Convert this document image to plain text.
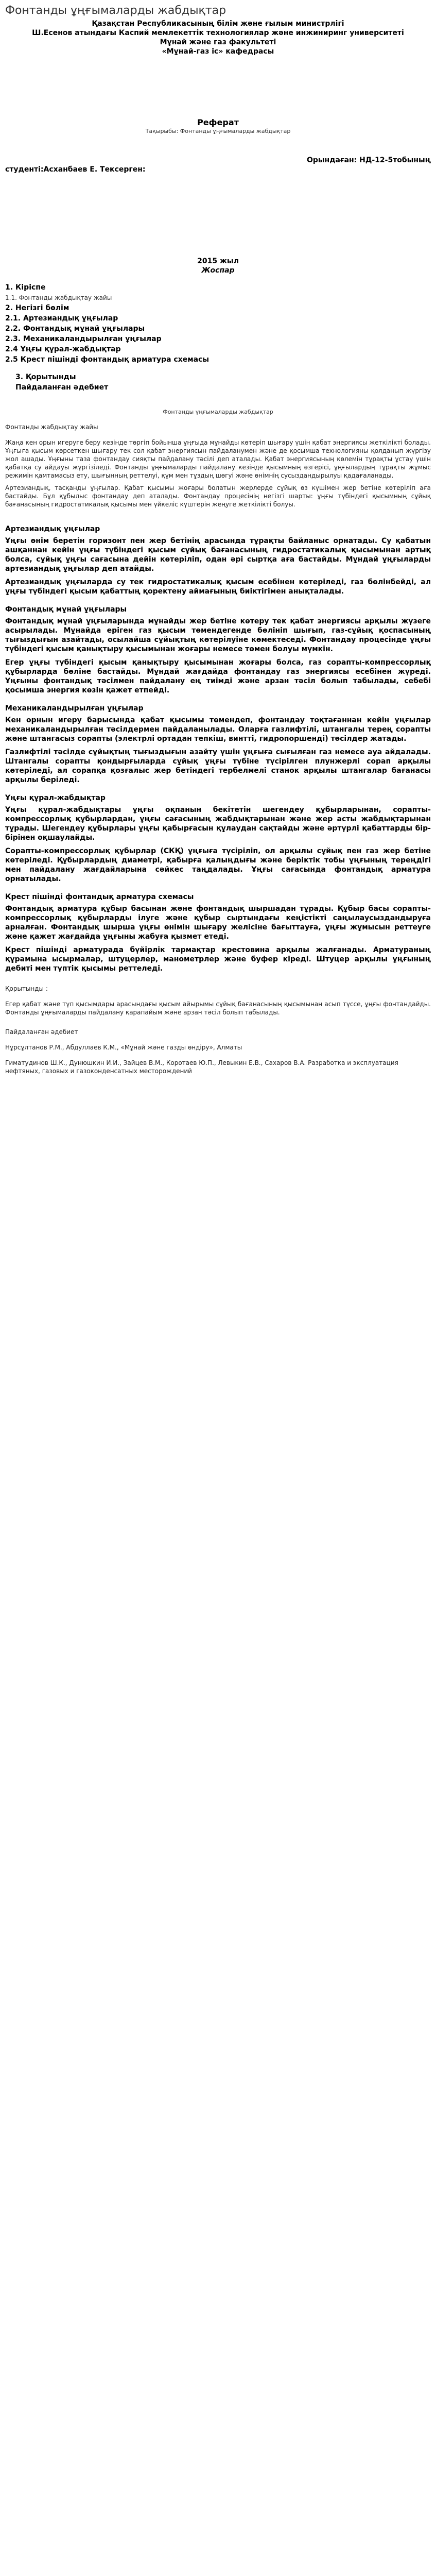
Фонтанды ұңғымаларды жабдықтар
Қазақстан Республикасының білім және ғылым министрлігі
Ш.Есенов атындағы Каспий мемлекеттік технологиялар және инжиниринг университеті
Мұнай және газ факультеті
«Мұнай-газ іс» кафедрасы
Реферат
Тақырыбы: Фонтанды ұңғымаларды жабдықтар
Орындаған: НД-12-5тобының
студенті:Асханбаев Е. Тексерген:
2015 жыл
Жоспар
1. Кіріспе
1.1. Фонтанды жабдықтау жайы
2. Негізгі бөлім
2.1. Артезиандық ұңғылар
2.2. Фонтандық мұнай ұңғылары
2.3. Механикаландырылған ұңғылар
2.4 Ұңғы құрал-жабдықтар
2.5 Крест пішінді фонтандық арматура схемасы
3. Қорытынды
Пайдаланған әдебиет
Фонтанды ұңғымаларды жабдықтар
Фонтанды жабдықтау жайы

Жаңа кен орын игеруге беру кезінде төргіп бойынша ұңғыда мұнайды көтеріп шығару үшін қабат энергиясы жеткілікті болады. Ұңғыға қысым көрсеткен шығару тек сол қабат энергиясын пайдаланумен және де қосымша технологияны қолданып жүргізу жол ашады. Ұңғыны таза фонтандау сияқты пайдалану тәсілі деп аталады. Қабат энергиясының көлемін тұрақты ұстау үшін қабатқа су айдауы жүргізіледі. Фонтанды ұңғымаларды пайдалану кезінде қысымның өзгерісі, ұңғылардың тұрақты жұмыс режимін қамтамасыз ету, шығынның реттелуі, құм мен тұздың шөгуі және өнімнің сусыздандырылуы қадағаланады.

Артезиандық, тасқанды ұңғылар. Қабат қысымы жоғары болатын жерлерде сұйық өз күшімен жер бетіне көтеріліп аға бастайды. Бұл құбылыс фонтандау деп аталады. Фонтандау процесінің негізгі шарты: ұңғы түбіндегі қысымның сұйық бағанасының гидростатикалық қысымы мен үйкеліс күштерін жеңуге жеткілікті болуы.

Артезиандық ұңғылар

Ұңғы өнім беретін горизонт пен жер бетінің арасында тұрақты байланыс орнатады. Су қабатын ашқаннан кейін ұңғы түбіндегі қысым сұйық бағанасының гидростатикалық қысымынан артық болса, сұйық ұңғы сағасына дейін көтеріліп, одан әрі сыртқа аға бастайды. Мұндай ұңғыларды артезиандық ұңғылар деп атайды.

Артезиандық ұңғыларда су тек гидростатикалық қысым есебінен көтеріледі, газ бөлінбейді, ал ұңғы түбіндегі қысым қабаттың қоректену аймағының биіктігімен анықталады.

Фонтандық мұнай ұңғылары

Фонтандық мұнай ұңғыларында мұнайды жер бетіне көтеру тек қабат энергиясы арқылы жүзеге асырылады. Мұнайда еріген газ қысым төмендегенде бөлініп шығып, газ-сұйық қоспасының тығыздығын азайтады, осылайша сұйықтың көтерілуіне көмектеседі. Фонтандау процесінде ұңғы түбіндегі қысым қанықтыру қысымынан жоғары немесе төмен болуы мүмкін.

Егер ұңғы түбіндегі қысым қанықтыру қысымынан жоғары болса, газ сорапты-компрессорлық құбырларда бөліне бастайды. Мұндай жағдайда фонтандау газ энергиясы есебінен жүреді. Ұңғыны фонтандық тәсілмен пайдалану ең тиімді және арзан тәсіл болып табылады, себебі қосымша энергия көзін қажет етпейді.

Механикаландырылған ұңғылар

Кен орнын игеру барысында қабат қысымы төмендеп, фонтандау тоқтағаннан кейін ұңғылар механикаландырылған тәсілдермен пайдаланылады. Оларға газлифтілі, штангалы терең сорапты және штангасыз сорапты (электрлі ортадан тепкіш, винтті, гидропоршенді) тәсілдер жатады.

Газлифтілі тәсілде сұйықтың тығыздығын азайту үшін ұңғыға сығылған газ немесе ауа айдалады. Штангалы сорапты қондырғыларда сұйық ұңғы түбіне түсірілген плунжерлі сорап арқылы көтеріледі, ал сорапқа қозғалыс жер бетіндегі тербелмелі станок арқылы штангалар бағанасы арқылы беріледі.

Ұңғы құрал-жабдықтар

Ұңғы құрал-жабдықтары ұңғы оқпанын бекітетін шегендеу құбырларынан, сорапты-компрессорлық құбырлардан, ұңғы сағасының жабдықтарынан және жер асты жабдықтарынан тұрады. Шегендеу құбырлары ұңғы қабырғасын құлаудан сақтайды және әртүрлі қабаттарды бір-бірінен оқшаулайды.

Сорапты-компрессорлық құбырлар (СКҚ) ұңғыға түсіріліп, ол арқылы сұйық пен газ жер бетіне көтеріледі. Құбырлардың диаметрі, қабырға қалыңдығы және беріктік тобы ұңғының тереңдігі мен пайдалану жағдайларына сәйкес таңдалады. Ұңғы сағасында фонтандық арматура орнатылады.

Крест пішінді фонтандық арматура схемасы

Фонтандық арматура құбыр басынан және фонтандық шыршадан тұрады. Құбыр басы сорапты-компрессорлық құбырларды ілуге және құбыр сыртындағы кеңістікті саңылаусыздандыруға арналған. Фонтандық шырша ұңғы өнімін шығару желісіне бағыттауға, ұңғы жұмысын реттеуге және қажет жағдайда ұңғыны жабуға қызмет етеді.

Крест пішінді арматурада бүйірлік тармақтар крестовина арқылы жалғанады. Арматураның құрамына ысырмалар, штуцерлер, манометрлер және буфер кіреді. Штуцер арқылы ұңғының дебиті мен түптік қысымы реттеледі.

Қорытынды :

Егер қабат және түп қысымдары арасындағы қысым айырымы сұйық бағанасының қысымынан асып түссе, ұңғы фонтандайды. Фонтанды ұңғымаларды пайдалану қарапайым және арзан тәсіл болып табылады.

Пайдаланған әдебиет
Нұрсұлтанов Р.М., Абдуллаев К.М., «Мұнай және газды өндіру», Алматы
Гиматудинов Ш.К., Дунюшкин И.И., Зайцев В.М., Коротаев Ю.П., Левыкин Е.В., Сахаров В.А. Разработка и эксплуатация нефтяных, газовых и газоконденсатных месторождений
